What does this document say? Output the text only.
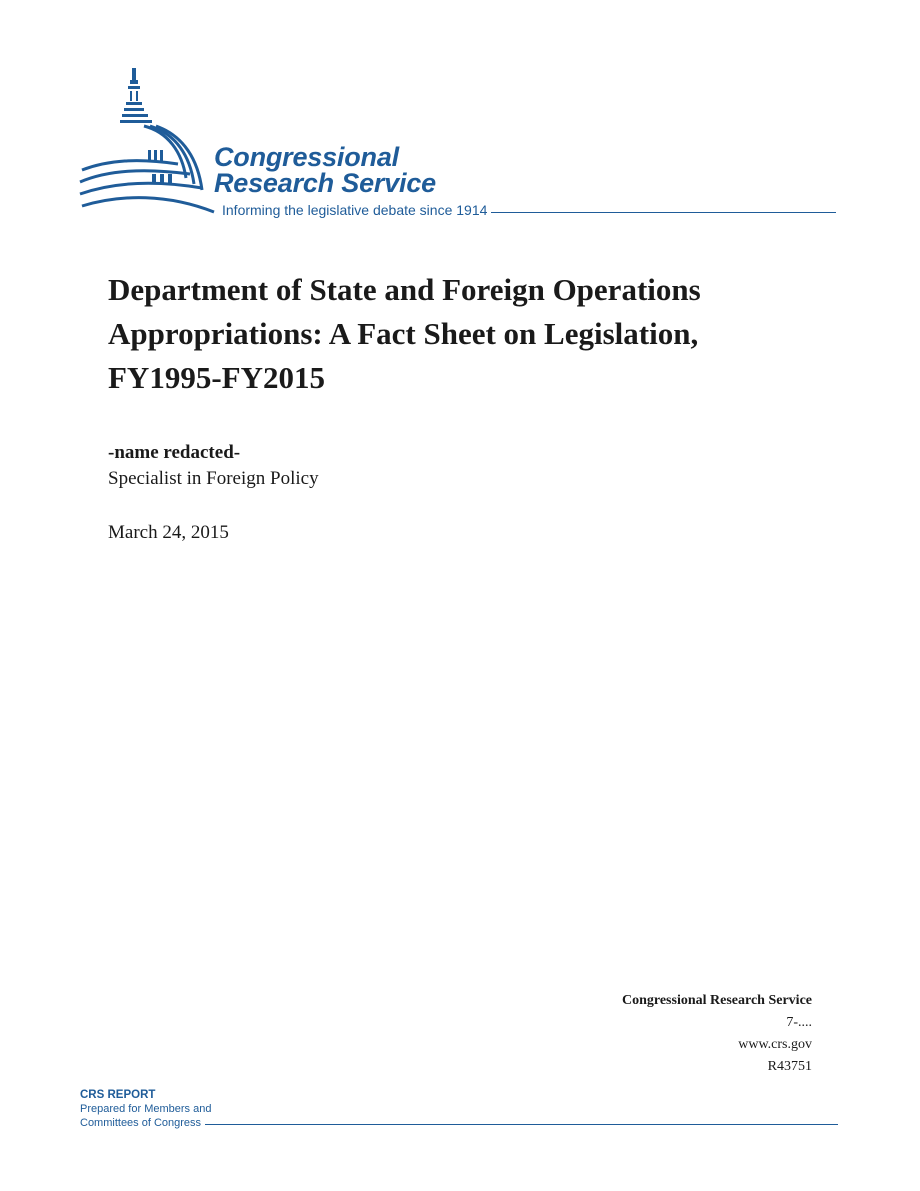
Congressional
Research Service
Informing the legislative debate since 1914
Department of State and Foreign Operations
Appropriations: A Fact Sheet on Legislation,
FY1995-FY2015
-name redacted-
Specialist in Foreign Policy
March 24, 2015
Congressional Research Service
7-....
www.crs.gov
R43751
CRS REPORT
Prepared for Members and
Committees of Congress
